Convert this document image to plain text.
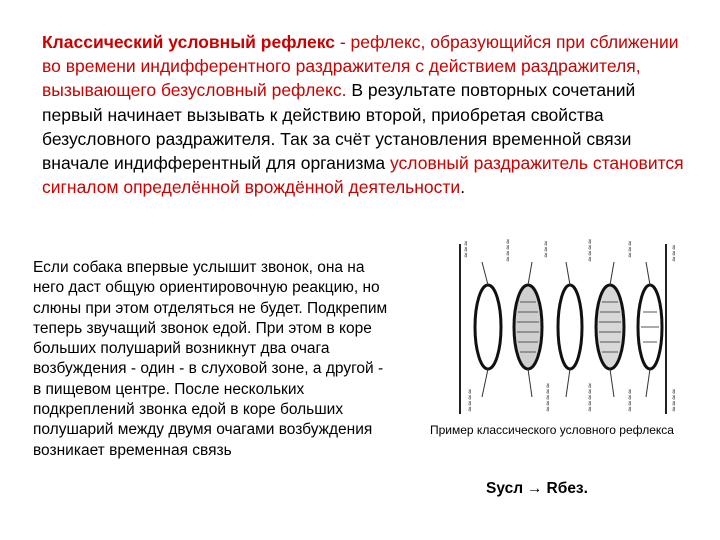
Классический условный рефлекс - рефлекс, образующийся при сближении во времени индифферентного раздражителя с действием раздражителя, вызывающего безусловный рефлекс. В результате повторных сочетаний первый начинает вызывать к действию второй, приобретая свойства безусловного раздражителя. Так за счёт установления временной связи вначале индифферентный для организма условный раздражитель становится сигналом определённой врождённой деятельности.

Если собака впервые услышит звонок, она на него даст общую ориентировочную реакцию, но слюны при этом отделяться не будет. Подкрепим теперь звучащий звонок едой. При этом в коре больших полушарий возникнут два очага возбуждения - один - в слуховой зоне, а другой - в пищевом центре. После нескольких подкреплений звонка едой в коре больших полушарий между двумя очагами возбуждения возникает временная связь

≈≈≈	≈≈≈≈	≈≈≈	≈≈≈≈	≈≈≈	≈≈≈
≈≈≈≈	≈≈≈≈≈	≈≈≈≈≈	≈≈≈≈	≈≈≈≈

Пример классического условного рефлекса

Sусл → Rбез.
